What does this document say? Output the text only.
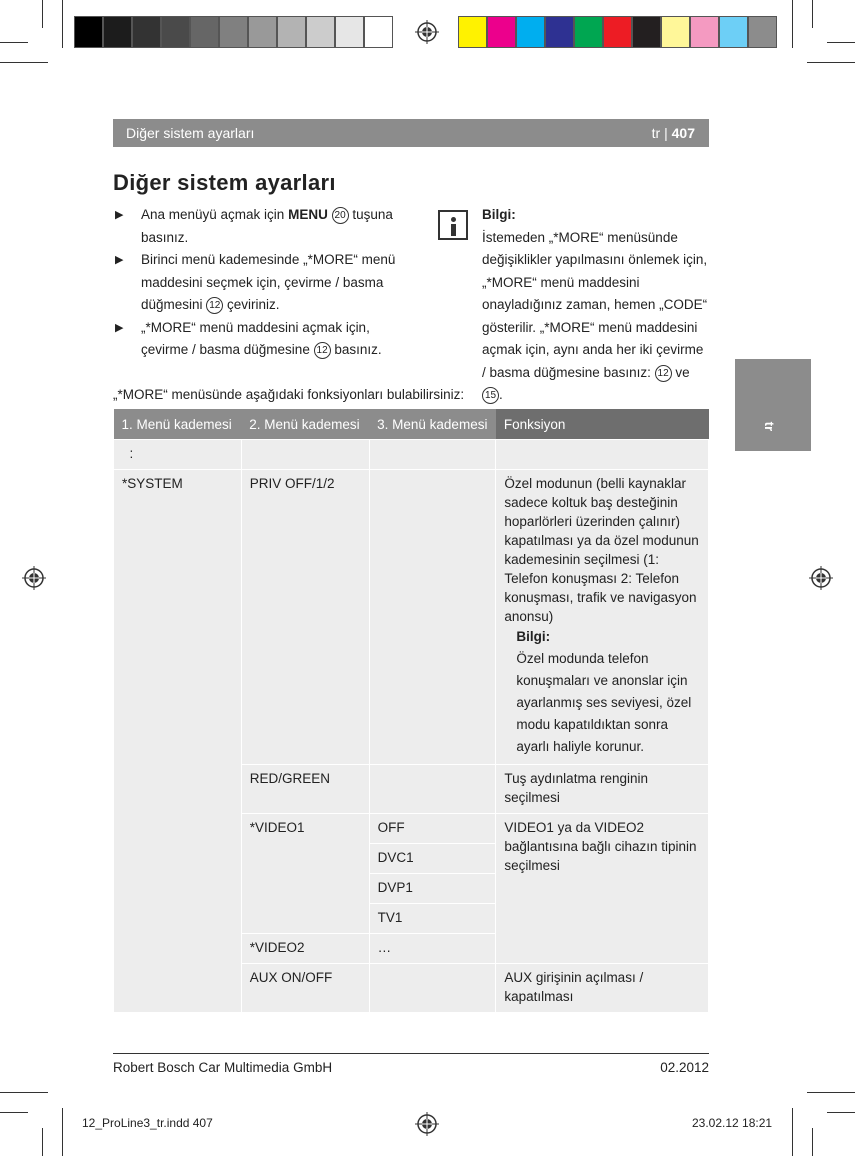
Diğer sistem ayarları	tr | 407
Diğer sistem ayarları
▶ Ana menüyü açmak için MENU 20 tuşuna basınız.
▶ Birinci menü kademesinde „*MORE“ menü maddesini seçmek için, çevirme / basma düğmesini 12 çeviriniz.
▶ „*MORE“ menü maddesini açmak için, çevirme / basma düğmesine 12 basınız.
Bilgi:
İstemeden „*MORE“ menüsünde değişiklikler yapılmasını önlemek için, „*MORE“ menü maddesini onayladığınız zaman, hemen „CODE“ gösterilir. „*MORE“ menü maddesini açmak için, aynı anda her iki çevirme / basma düğmesine basınız: 12 ve 15 .
„*MORE“ menüsünde aşağıdaki fonksiyonları bulabilirsiniz:
1. Menü kademesi	2. Menü kademesi	3. Menü kademesi	Fonksiyon
:			
*SYSTEM	PRIV OFF/1/2		Özel modunun (belli kaynaklar sadece koltuk baş desteğinin hoparlörleri üzerinden çalınır) kapatılması ya da özel modunun kademesinin seçilmesi (1: Telefon konuşması 2: Telefon konuşması, trafik ve navigasyon anonsu)
Bilgi:
Özel modunda telefon konuşmaları ve anonslar için ayarlanmış ses seviyesi, özel modu kapatıldıktan sonra ayarlı haliyle korunur.

	RED/GREEN		Tuş aydınlatma renginin seçilmesi
	*VIDEO1	OFF	VIDEO1 ya da VIDEO2 bağlantısına bağlı cihazın tipinin seçilmesi
		DVC1	
		DVP1	
		TV1	
	*VIDEO2	…	
	AUX ON/OFF		AUX girişinin açılması / kapatılması
tr
Robert Bosch Car Multimedia GmbH	02.2012
12_ProLine3_tr.indd 407	23.02.12 18:21
